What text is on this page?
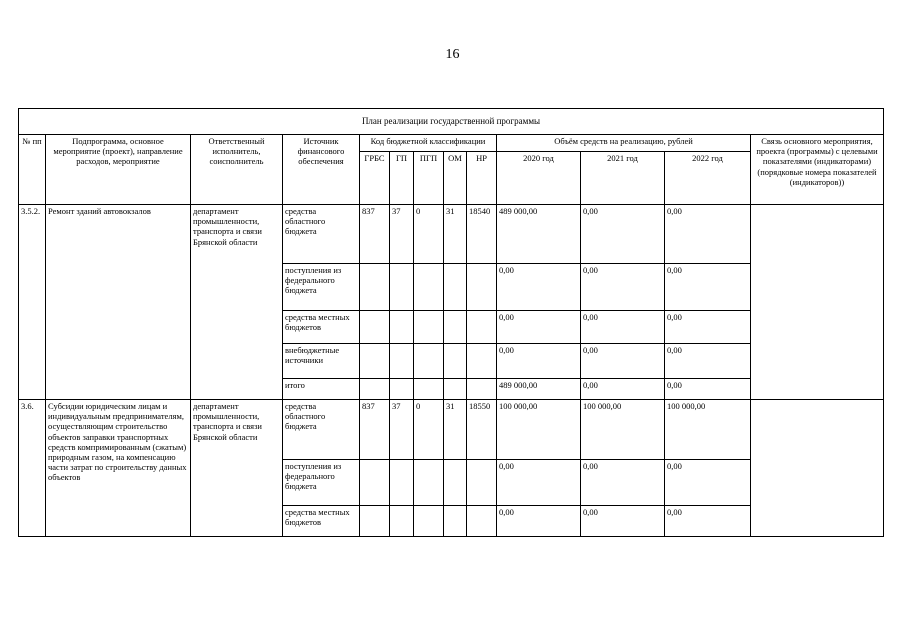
16
План реализации государственной программы												
№ пп	Подпрограмма, основное мероприятие (проект), направление расходов, мероприятие	Ответственный исполнитель, соисполнитель	Источник финансового обеспечения	Код бюджетной классификации					Объём средств на реализацию, рублей			Связь основного мероприятия, проекта (программы) с целевыми показателями (индикаторами) (порядковые номера показателей (индикаторов))
				ГРБС	ГП	ПГП	ОМ	НР	2020 год	2021 год	2022 год	
3.5.2.	Ремонт зданий автовокзалов	департамент промышленности, транспорта и связи Брянской области	средства областного бюджета	837	37	0	31	18540	489 000,00	0,00	0,00	
			поступления из федерального бюджета						0,00	0,00	0,00	
			средства местных бюджетов						0,00	0,00	0,00	
			внебюджетные источники						0,00	0,00	0,00	
			итого						489 000,00	0,00	0,00	
3.6.	Субсидии юридическим лицам и индивидуальным предпринимателям, осуществляющим строительство объектов заправки транспортных средств компримированным (сжатым) природным газом, на компенсацию части затрат по строительству данных объектов	департамент промышленности, транспорта и связи Брянской области	средства областного бюджета	837	37	0	31	18550	100 000,00	100 000,00	100 000,00	
			поступления из федерального бюджета						0,00	0,00	0,00	
			средства местных бюджетов						0,00	0,00	0,00	
